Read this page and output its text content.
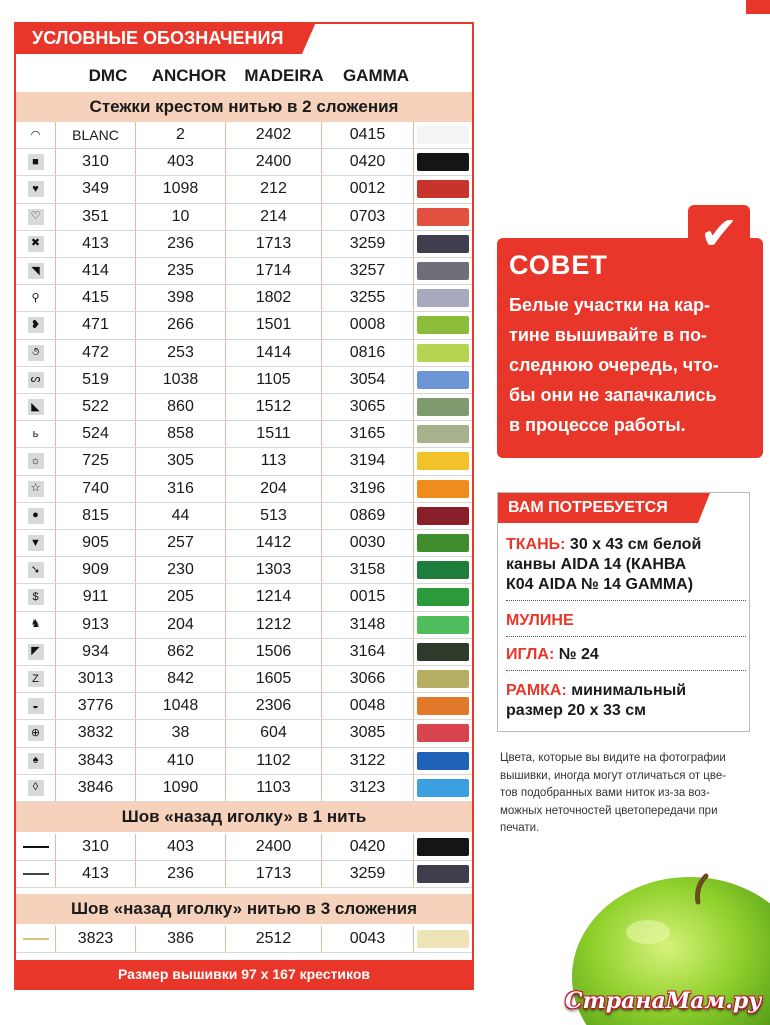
УСЛОВНЫЕ ОБОЗНАЧЕНИЯ
DMC	ANCHOR	MADEIRA	GAMMA
Стежки крестом нитью в 2 сложения
◠	BLANC	2	2402	0415
■	310	403	2400	0420
♥	349	1098	212	0012
♡	351	10	214	0703
✖	413	236	1713	3259
◥	414	235	1714	3257
⚲	415	398	1802	3255
❥	471	266	1501	0008
૭	472	253	1414	0816
ᔕ	519	1038	1105	3054
◣	522	860	1512	3065
ь	524	858	1511	3165
☼	725	305	113	3194
☆	740	316	204	3196
●	815	44	513	0869
▼	905	257	1412	0030
➘	909	230	1303	3158
$	911	205	1214	0015
♞	913	204	1212	3148
◤	934	862	1506	3164
Z	3013	842	1605	3066
◒	3776	1048	2306	0048
⊕	3832	38	604	3085
♠	3843	410	1102	3122
◊	3846	1090	1103	3123
Шов «назад иголку» в 1 нить
310	403	2400	0420
413	236	1713	3259
Шов «назад иголку» нитью в 3 сложения
3823	386	2512	0043
Размер вышивки 97 х 167 крестиков
СОВЕТ
Белые участки на кар-
тине вышивайте в по-
следнюю очередь, что-
бы они не запачкались
в процессе работы.
✔
ВАМ ПОТРЕБУЕТСЯ
ТКАНЬ: 30 х 43 см белой
канвы AIDA 14 (КАНВА
К04 AIDA № 14 GAMMA)
МУЛИНЕ
ИГЛА: № 24
РАМКА: минимальный
размер 20 х 33 см
Цвета, которые вы видите на фотографии
вышивки, иногда могут отличаться от цве-
тов подобранных вами ниток из-за воз-
можных неточностей цветопередачи при
печати.
СтранаМам.ру
